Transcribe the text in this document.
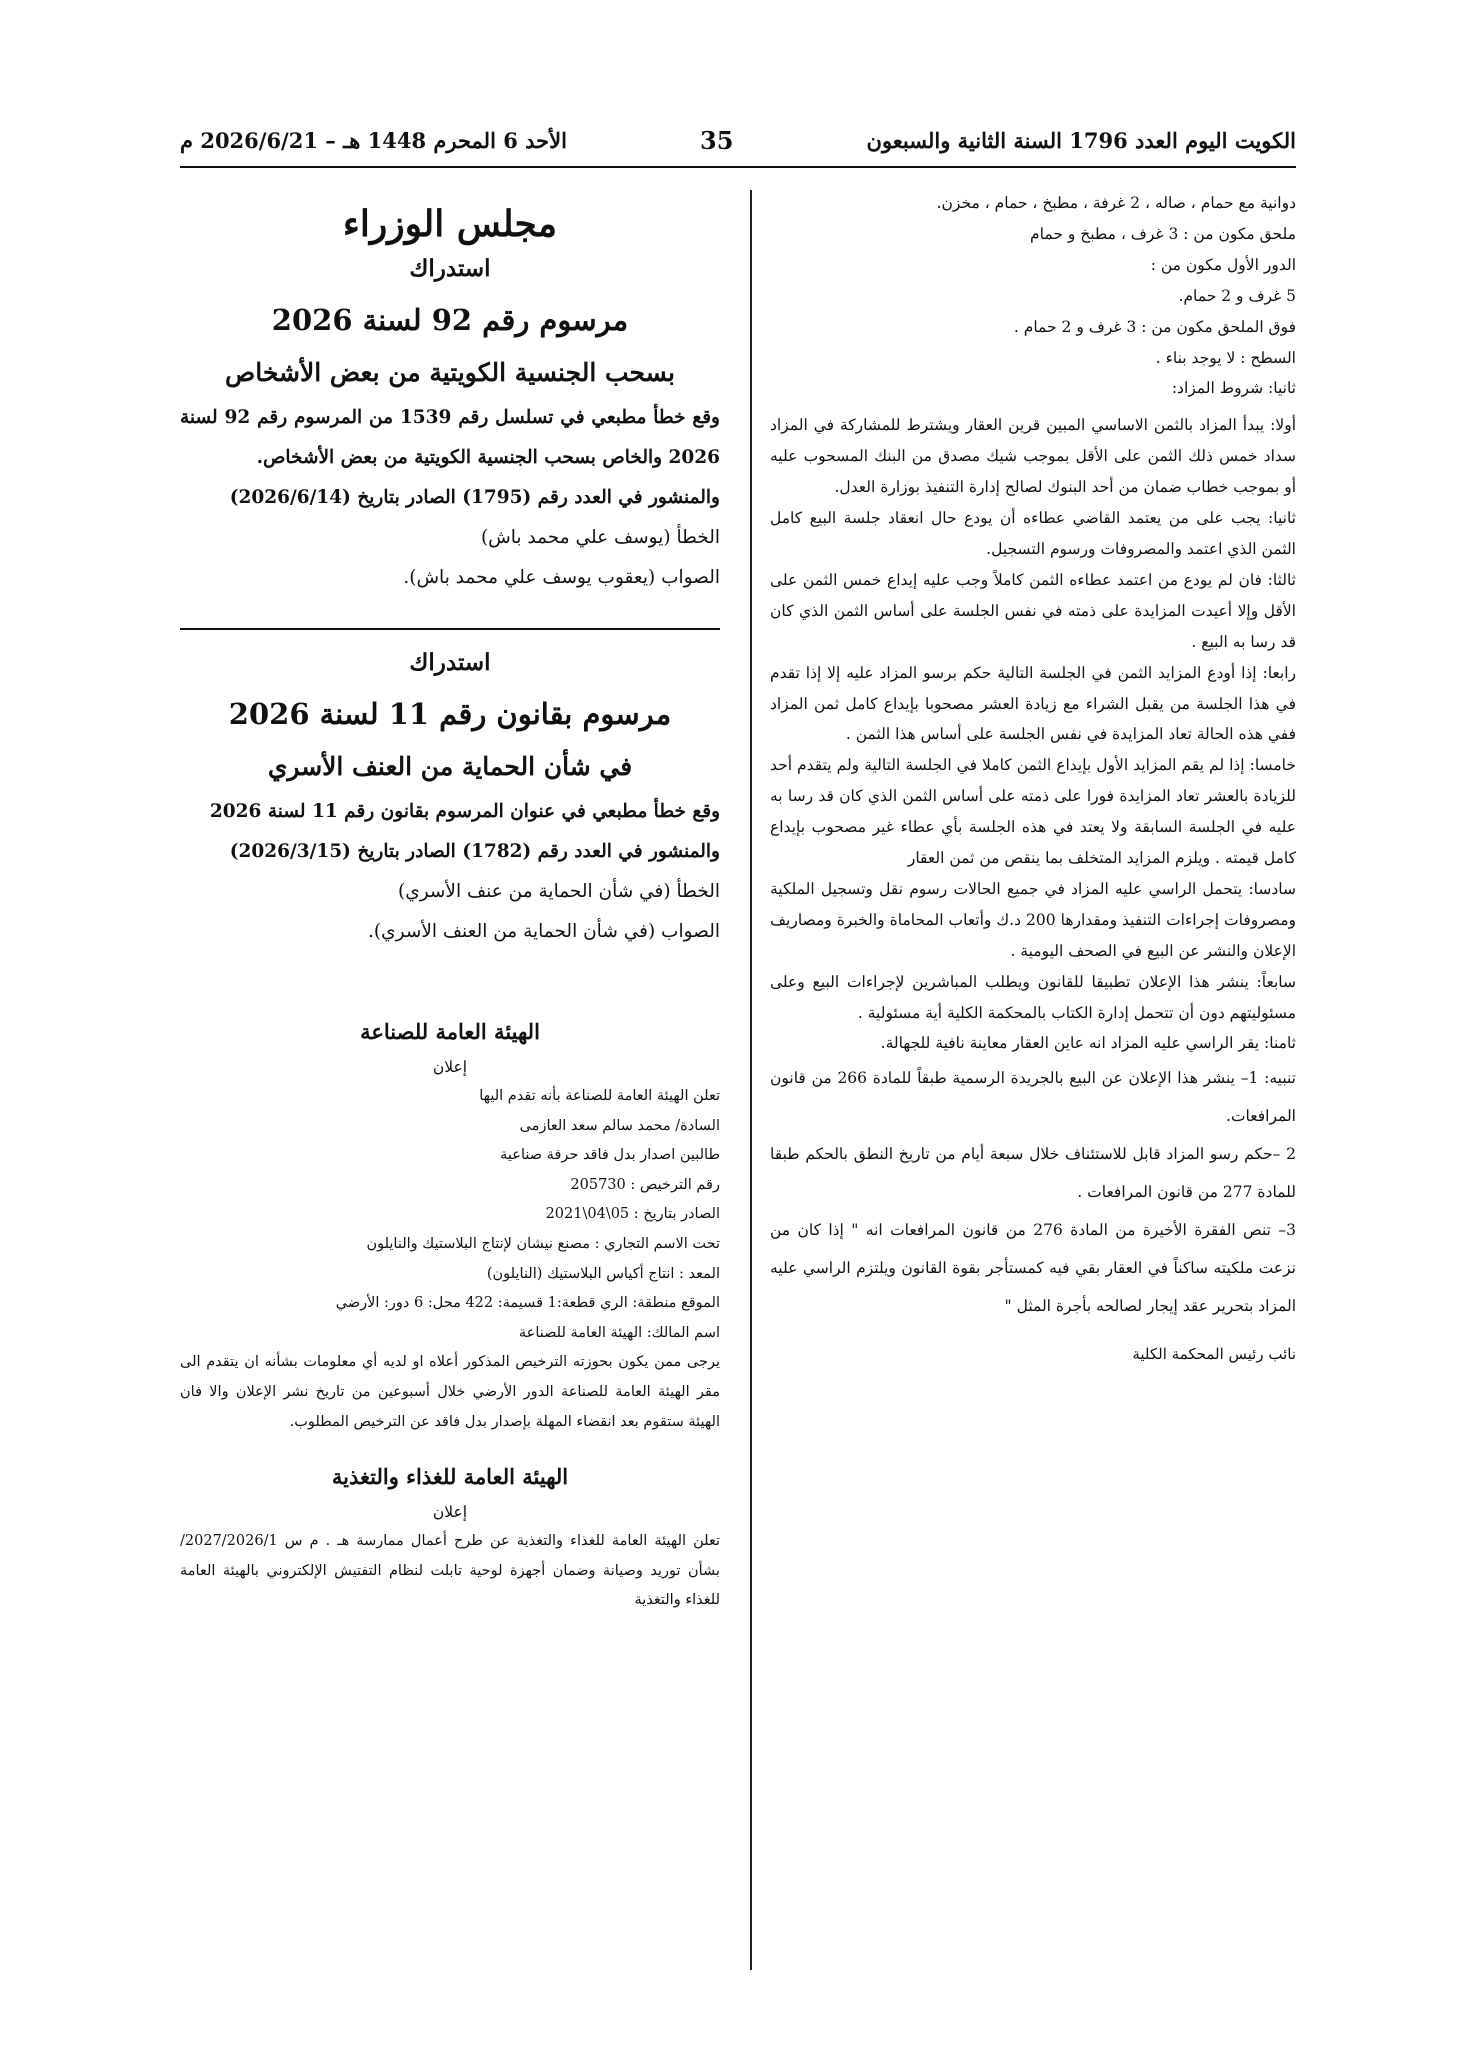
الأحد 6 المحرم 1448 هـ – 2026/6/21 م	35	الكويت اليوم العدد 1796 السنة الثانية والسبعون

دوانية مع حمام ، صاله ، 2 غرفة ، مطبخ ، حمام ، مخزن.

ملحق مكون من : 3 غرف ، مطبخ و حمام

الدور الأول مكون من :

5 غرف و 2 حمام.

فوق الملحق مكون من : 3 غرف و 2 حمام .

السطح : لا يوجد بناء .

ثانيا: شروط المزاد:

أولا: يبدأ المزاد بالثمن الاساسي المبين قرين العقار ويشترط للمشاركة في المزاد سداد خمس ذلك الثمن على الأقل بموجب شيك مصدق من البنك المسحوب عليه أو بموجب خطاب ضمان من أحد البنوك لصالح إدارة التنفيذ بوزارة العدل.

ثانيا: يجب على من يعتمد القاضي عطاءه أن يودع حال انعقاد جلسة البيع كامل الثمن الذي اعتمد والمصروفات ورسوم التسجيل.

ثالثا: فان لم يودع من اعتمد عطاءه الثمن كاملاً وجب عليه إيداع خمس الثمن على الأقل وإلا أعيدت المزايدة على ذمته في نفس الجلسة على أساس الثمن الذي كان قد رسا به البيع .

رابعا: إذا أودع المزايد الثمن في الجلسة التالية حكم برسو المزاد عليه إلا إذا تقدم في هذا الجلسة من يقبل الشراء مع زيادة العشر مصحوبا بإيداع كامل ثمن المزاد ففي هذه الحالة تعاد المزايدة في نفس الجلسة على أساس هذا الثمن .

خامسا: إذا لم يقم المزايد الأول بإيداع الثمن كاملا في الجلسة التالية ولم يتقدم أحد للزيادة بالعشر تعاد المزايدة فورا على ذمته على أساس الثمن الذي كان قد رسا به عليه في الجلسة السابقة ولا يعتد في هذه الجلسة بأي عطاء غير مصحوب بإيداع كامل قيمته . ويلزم المزايد المتخلف بما ينقص من ثمن العقار

سادسا: يتحمل الراسي عليه المزاد في جميع الحالات رسوم نقل وتسجيل الملكية ومصروفات إجراءات التنفيذ ومقدارها 200 د.ك وأتعاب المحاماة والخبرة ومصاريف الإعلان والنشر عن البيع في الصحف اليومية .

سابعاً: ينشر هذا الإعلان تطبيقا للقانون ويطلب المباشرين لإجراءات البيع وعلى مسئوليتهم دون أن تتحمل إدارة الكتاب بالمحكمة الكلية أية مسئولية .

ثامنا: يقر الراسي عليه المزاد انه عاين العقار معاينة نافية للجهالة.

تنبيه: 1– ينشر هذا الإعلان عن البيع بالجريدة الرسمية طبقاً للمادة 266 من قانون المرافعات.

2 –حكم رسو المزاد قابل للاستئناف خلال سبعة أيام من تاريخ النطق بالحكم طبقا للمادة 277 من قانون المرافعات .

3– تنص الفقرة الأخيرة من المادة 276 من قانون المرافعات انه " إذا كان من نزعت ملكيته ساكناً في العقار بقي فيه كمستأجر بقوة القانون ويلتزم الراسي عليه المزاد بتحرير عقد إيجار لصالحه بأجرة المثل "

نائب رئيس المحكمة الكلية

مجلس الوزراء

استدراك

مرسوم رقم 92 لسنة 2026

بسحب الجنسية الكويتية من بعض الأشخاص

وقع خطأ مطبعي في تسلسل رقم 1539 من المرسوم رقم 92 لسنة 2026 والخاص بسحب الجنسية الكويتية من بعض الأشخاص.

والمنشور في العدد رقم (1795) الصادر بتاريخ (2026/6/14)

الخطأ (يوسف علي محمد باش)

الصواب (يعقوب يوسف علي محمد باش).

استدراك

مرسوم بقانون رقم 11 لسنة 2026

في شأن الحماية من العنف الأسري

وقع خطأ مطبعي في عنوان المرسوم بقانون رقم 11 لسنة 2026

والمنشور في العدد رقم (1782) الصادر بتاريخ (2026/3/15)

الخطأ (في شأن الحماية من عنف الأسري)

الصواب (في شأن الحماية من العنف الأسري).

الهيئة العامة للصناعة

إعلان

تعلن الهيئة العامة للصناعة بأنه تقدم اليها

السادة/ محمد سالم سعد العازمى

طالبين اصدار بدل فاقد حرفة صناعية

رقم الترخيص : 205730

الصادر بتاريخ : 05\04\2021

تحت الاسم التجاري : مصنع نيشان لإنتاج البلاستيك والنايلون

المعد : انتاج أكياس البلاستيك (النايلون)

الموقع منطقة: الري قطعة:1 قسيمة: 422 محل: 6 دور: الأرضي

اسم المالك: الهيئة العامة للصناعة

يرجى ممن يكون بحوزته الترخيص المذكور أعلاه او لديه أي معلومات بشأنه ان يتقدم الى مقر الهيئة العامة للصناعة الدور الأرضي خلال أسبوعين من تاريخ نشر الإعلان والا فان الهيئة ستقوم بعد انقضاء المهلة بإصدار بدل فاقد عن الترخيص المطلوب.

الهيئة العامة للغذاء والتغذية

إعلان

تعلن الهيئة العامة للغذاء والتغذية عن طرح أعمال ممارسة هـ . م س 2027/2026/1/ بشأن توريد وصيانة وضمان أجهزة لوحية تابلت لنظام التفتيش الإلكتروني بالهيئة العامة للغذاء والتغذية
